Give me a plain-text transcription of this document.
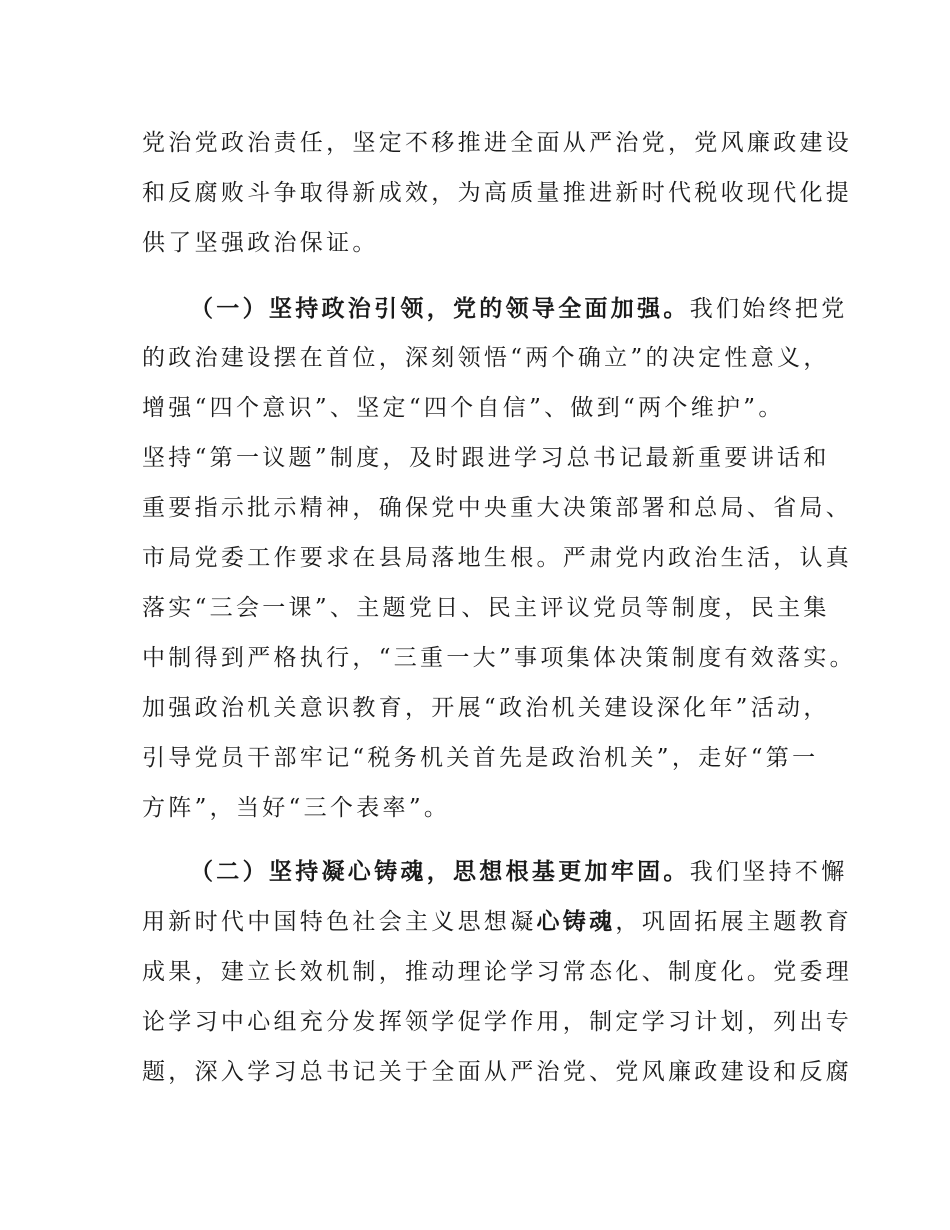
党治党政治责任，坚定不移推进全面从严治党，党风廉政建设
和反腐败斗争取得新成效，为高质量推进新时代税收现代化提
供了坚强政治保证。
（一）坚持政治引领，党的领导全面加强。我们始终把党
的政治建设摆在首位，深刻领悟“两个确立”的决定性意义，
增强“四个意识”、坚定“四个自信”、做到“两个维护”。
坚持“第一议题”制度，及时跟进学习总书记最新重要讲话和
重要指示批示精神，确保党中央重大决策部署和总局、省局、
市局党委工作要求在县局落地生根。严肃党内政治生活，认真
落实“三会一课”、主题党日、民主评议党员等制度，民主集
中制得到严格执行，“三重一大”事项集体决策制度有效落实。
加强政治机关意识教育，开展“政治机关建设深化年”活动，
引导党员干部牢记“税务机关首先是政治机关”，走好“第一
方阵”，当好“三个表率”。
（二）坚持凝心铸魂，思想根基更加牢固。我们坚持不懈
用新时代中国特色社会主义思想凝心铸魂，巩固拓展主题教育
成果，建立长效机制，推动理论学习常态化、制度化。党委理
论学习中心组充分发挥领学促学作用，制定学习计划，列出专
题，深入学习总书记关于全面从严治党、党风廉政建设和反腐
